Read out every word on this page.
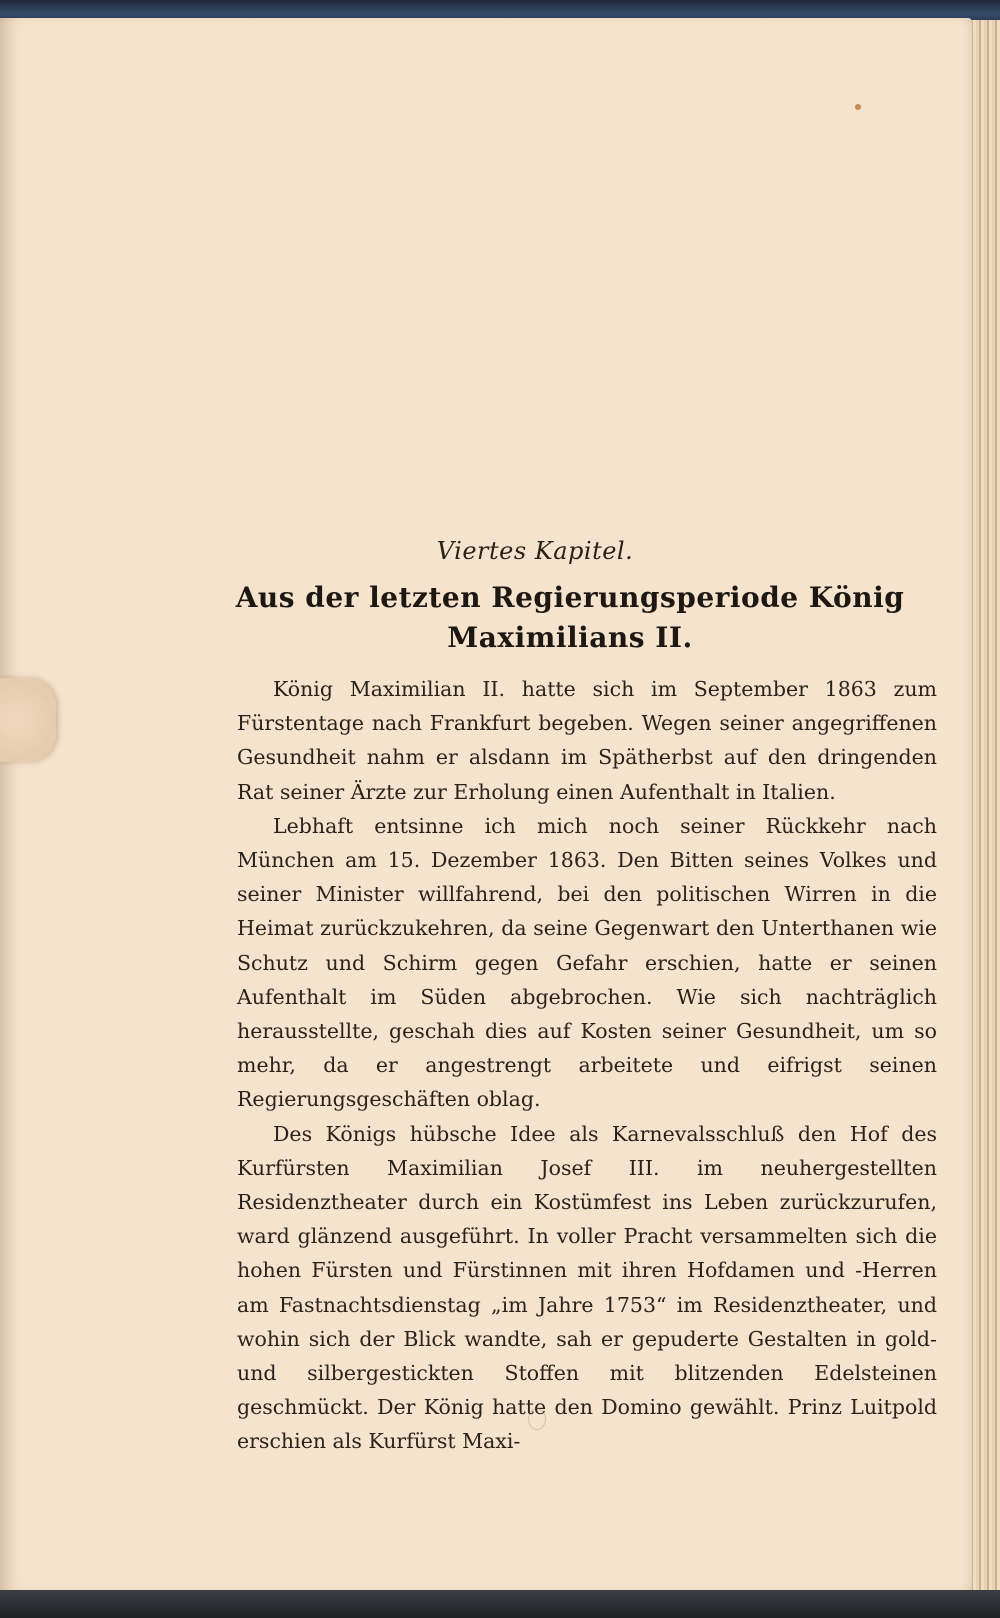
Viertes Kapitel.
Aus der letzten Regierungsperiode König Maximilians II.

König Maximilian II. hatte sich im September 1863 zum Fürstentage nach Frankfurt begeben. Wegen seiner angegriffenen Gesundheit nahm er alsdann im Spätherbst auf den dringenden Rat seiner Ärzte zur Erholung einen Aufenthalt in Italien.

Lebhaft entsinne ich mich noch seiner Rückkehr nach München am 15. Dezember 1863. Den Bitten seines Volkes und seiner Minister willfahrend, bei den politischen Wirren in die Heimat zurückzukehren, da seine Gegenwart den Unterthanen wie Schutz und Schirm gegen Gefahr erschien, hatte er seinen Aufenthalt im Süden abgebrochen. Wie sich nachträglich herausstellte, geschah dies auf Kosten seiner Gesundheit, um so mehr, da er angestrengt arbeitete und eifrigst seinen Regierungsgeschäften oblag.

Des Königs hübsche Idee als Karnevalsschluß den Hof des Kurfürsten Maximilian Josef III. im neuhergestellten Residenztheater durch ein Kostümfest ins Leben zurückzurufen, ward glänzend ausgeführt. In voller Pracht versammelten sich die hohen Fürsten und Fürstinnen mit ihren Hofdamen und -Herren am Fastnachtsdienstag „im Jahre 1753“ im Residenztheater, und wohin sich der Blick wandte, sah er gepuderte Gestalten in gold- und silbergestickten Stoffen mit blitzenden Edelsteinen geschmückt. Der König hatte den Domino gewählt. Prinz Luitpold erschien als Kurfürst Maxi-
